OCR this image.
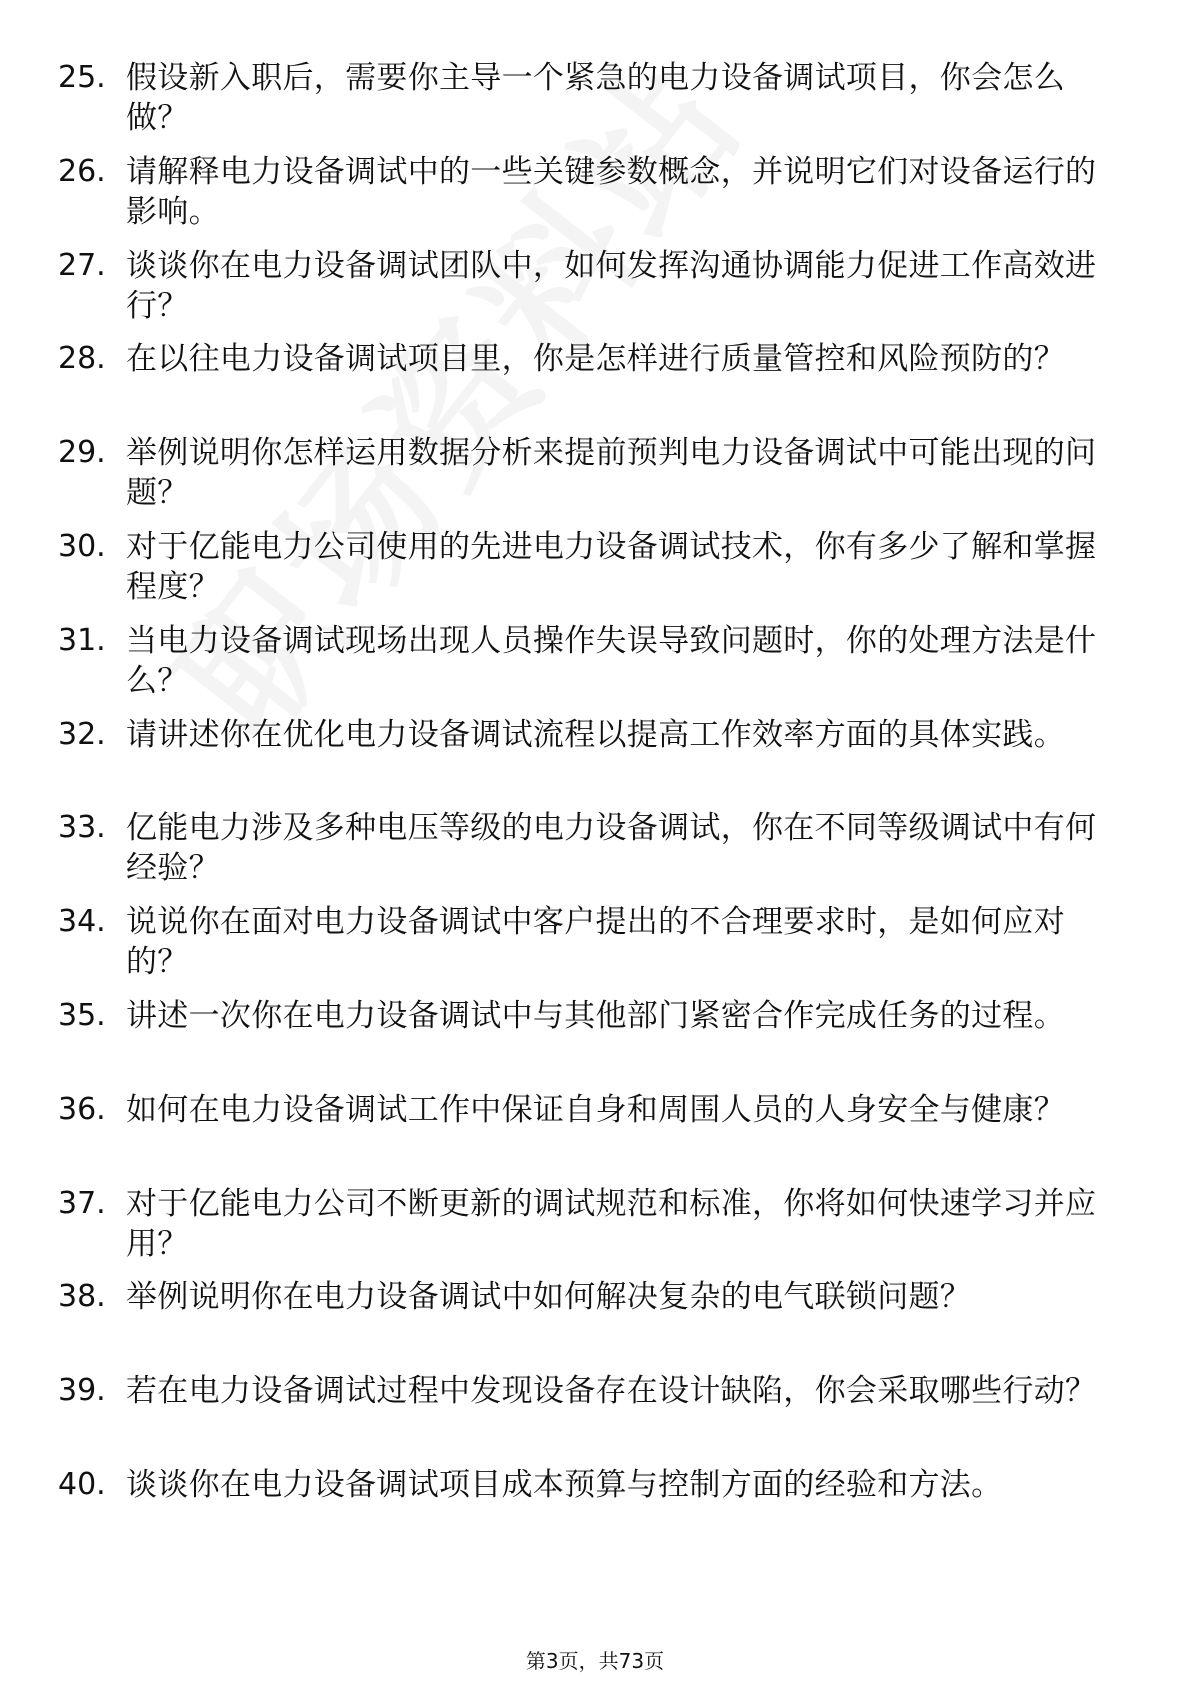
25. 假设新入职后，需要你主导一个紧急的电力设备调试项目，你会怎么做？
26. 请解释电力设备调试中的一些关键参数概念，并说明它们对设备运行的影响。
27. 谈谈你在电力设备调试团队中，如何发挥沟通协调能力促进工作高效进行？
28. 在以往电力设备调试项目里，你是怎样进行质量管控和风险预防的？
29. 举例说明你怎样运用数据分析来提前预判电力设备调试中可能出现的问题？
30. 对于亿能电力公司使用的先进电力设备调试技术，你有多少了解和掌握程度？
31. 当电力设备调试现场出现人员操作失误导致问题时，你的处理方法是什么？
32. 请讲述你在优化电力设备调试流程以提高工作效率方面的具体实践。
33. 亿能电力涉及多种电压等级的电力设备调试，你在不同等级调试中有何经验？
34. 说说你在面对电力设备调试中客户提出的不合理要求时，是如何应对的？
35. 讲述一次你在电力设备调试中与其他部门紧密合作完成任务的过程。
36. 如何在电力设备调试工作中保证自身和周围人员的人身安全与健康？
37. 对于亿能电力公司不断更新的调试规范和标准，你将如何快速学习并应用？
38. 举例说明你在电力设备调试中如何解决复杂的电气联锁问题？
39. 若在电力设备调试过程中发现设备存在设计缺陷，你会采取哪些行动？
40. 谈谈你在电力设备调试项目成本预算与控制方面的经验和方法。
第3页，共73页
